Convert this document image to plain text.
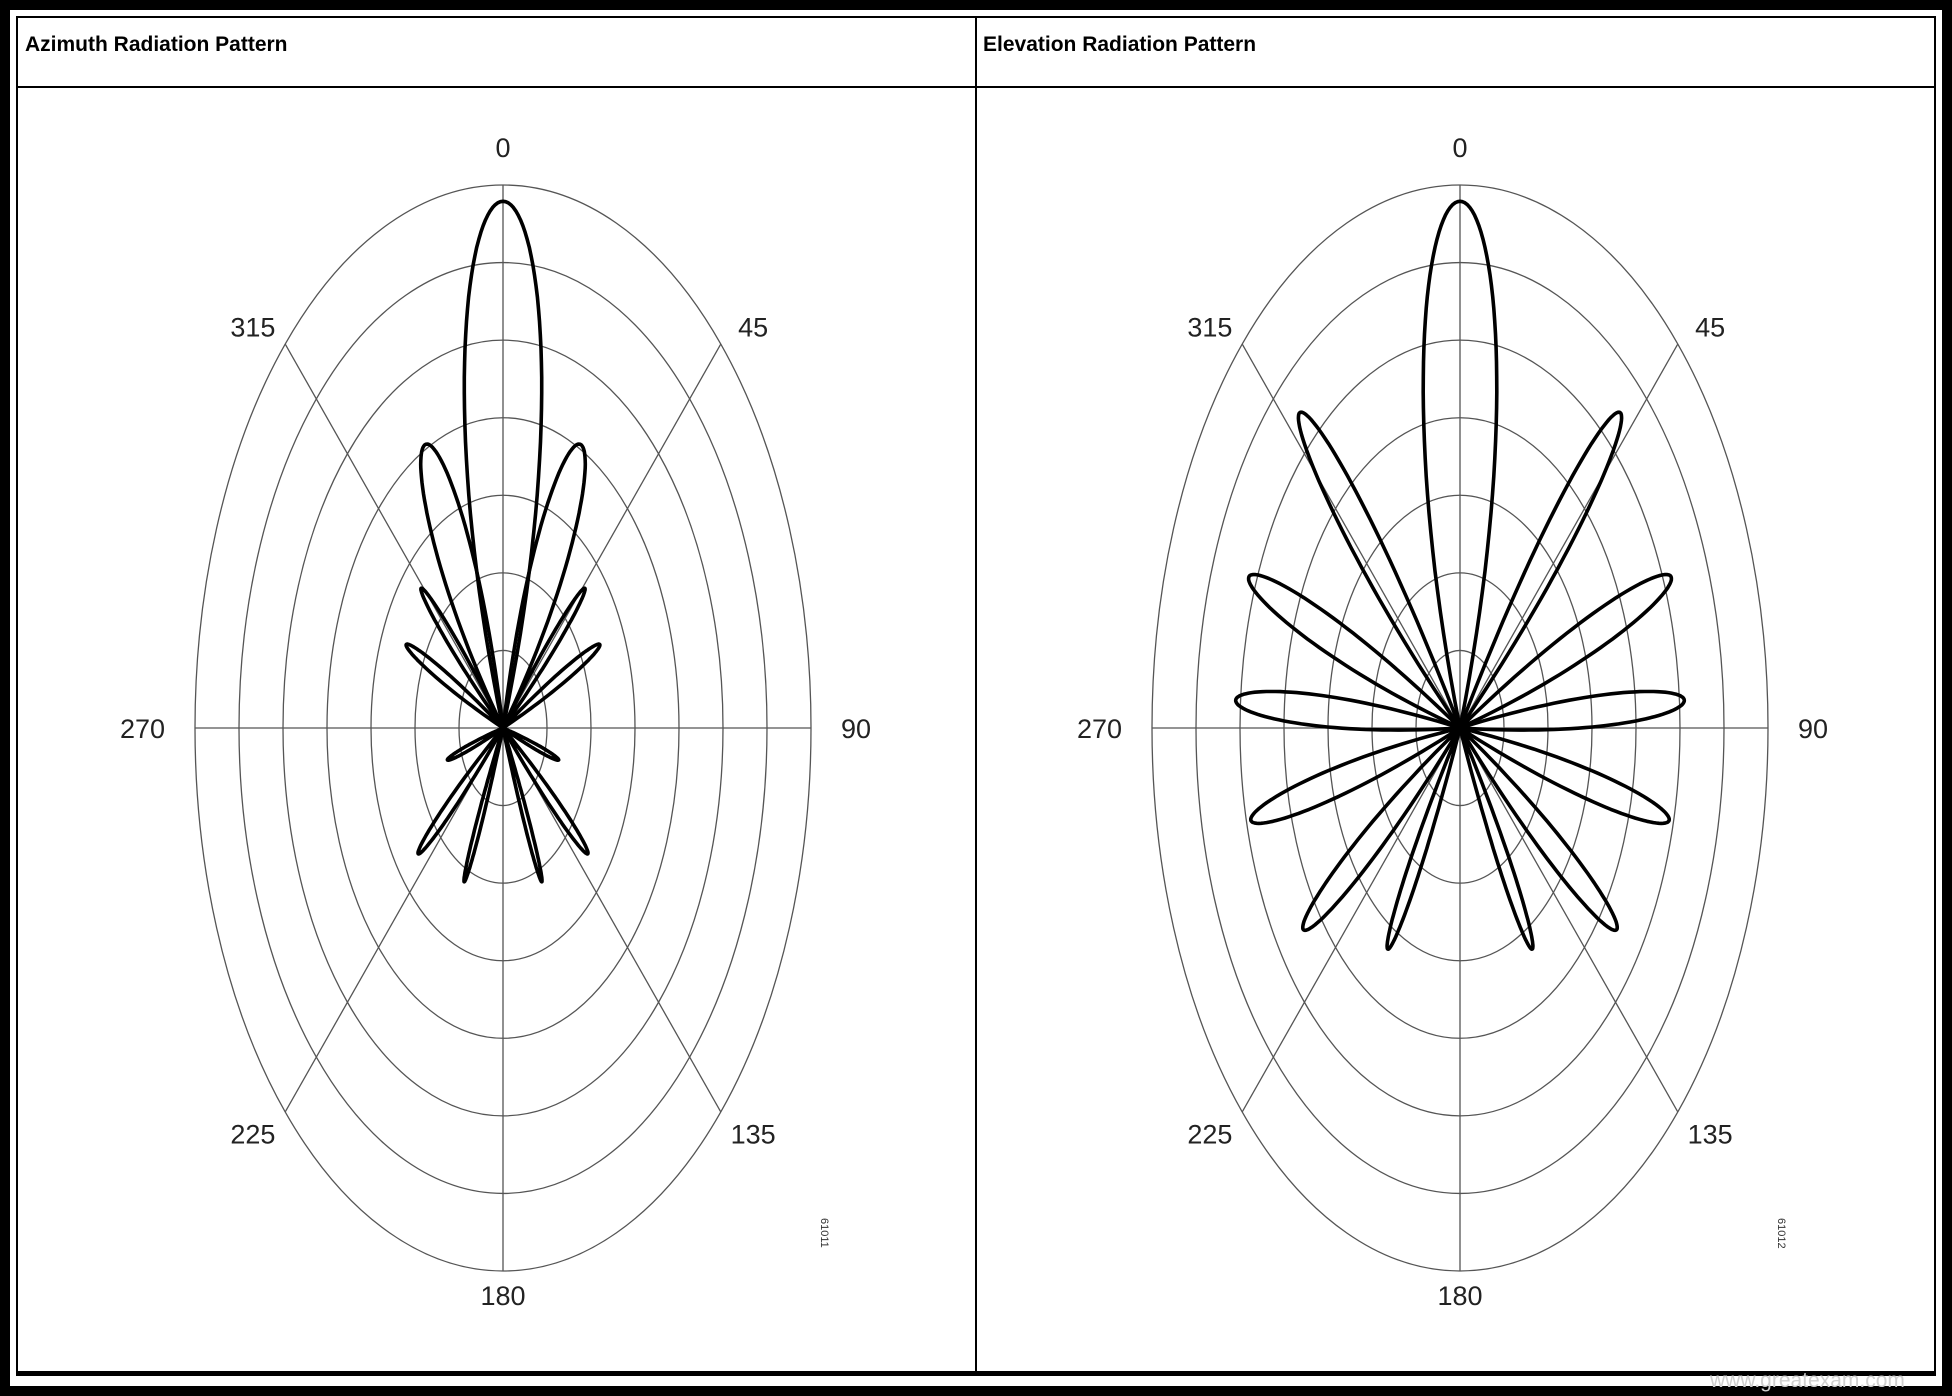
Azimuth Radiation Pattern	Elevation Radiation Pattern
0
45
90
135
180
225
270
315
61011
0
45
90
135
180
225
270
315
61012
www.greatexam.com
